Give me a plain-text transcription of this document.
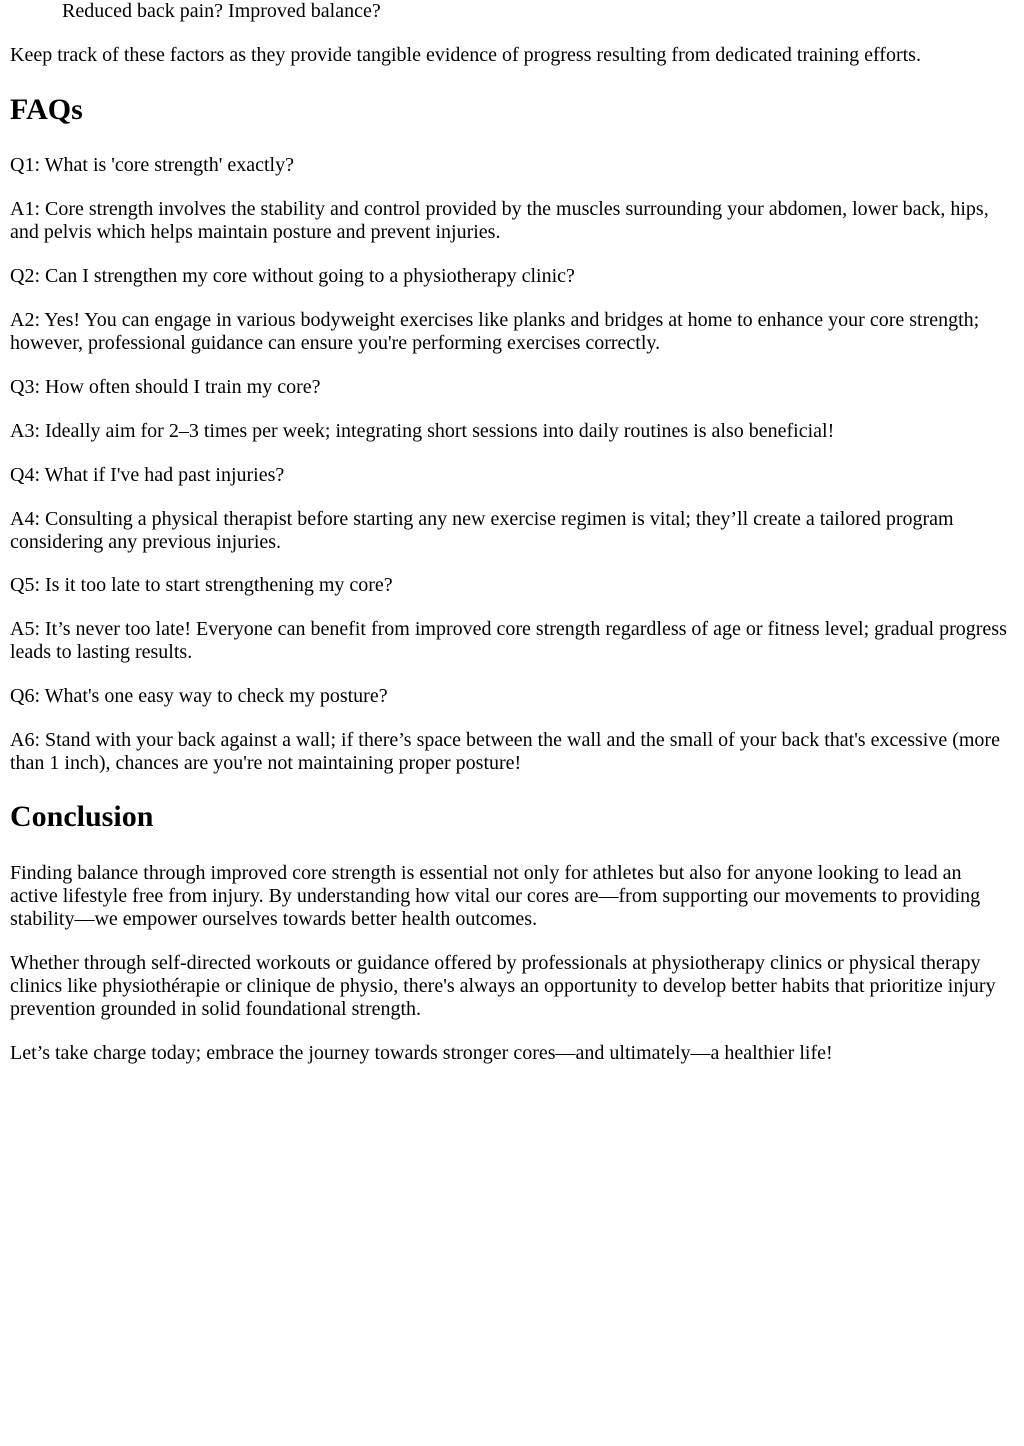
Reduced back pain? Improved balance?

Keep track of these factors as they provide tangible evidence of progress resulting from dedicated training efforts.

FAQs

Q1: What is 'core strength' exactly?

A1: Core strength involves the stability and control provided by the muscles surrounding your abdomen, lower back, hips, and pelvis which helps maintain posture and prevent injuries.

Q2: Can I strengthen my core without going to a physiotherapy clinic?

A2: Yes! You can engage in various bodyweight exercises like planks and bridges at home to enhance your core strength; however, professional guidance can ensure you're performing exercises correctly.

Q3: How often should I train my core?

A3: Ideally aim for 2–3 times per week; integrating short sessions into daily routines is also beneficial!

Q4: What if I've had past injuries?

A4: Consulting a physical therapist before starting any new exercise regimen is vital; they’ll create a tailored program considering any previous injuries.

Q5: Is it too late to start strengthening my core?

A5: It’s never too late! Everyone can benefit from improved core strength regardless of age or fitness level; gradual progress leads to lasting results.

Q6: What's one easy way to check my posture?

A6: Stand with your back against a wall; if there’s space between the wall and the small of your back that's excessive (more than 1 inch), chances are you're not maintaining proper posture!

Conclusion

Finding balance through improved core strength is essential not only for athletes but also for anyone looking to lead an active lifestyle free from injury. By understanding how vital our cores are—from supporting our movements to providing stability—we empower ourselves towards better health outcomes.

Whether through self-directed workouts or guidance offered by professionals at physiotherapy clinics or physical therapy clinics like physiothérapie or clinique de physio, there's always an opportunity to develop better habits that prioritize injury prevention grounded in solid foundational strength.

Let’s take charge today; embrace the journey towards stronger cores—and ultimately—a healthier life!
